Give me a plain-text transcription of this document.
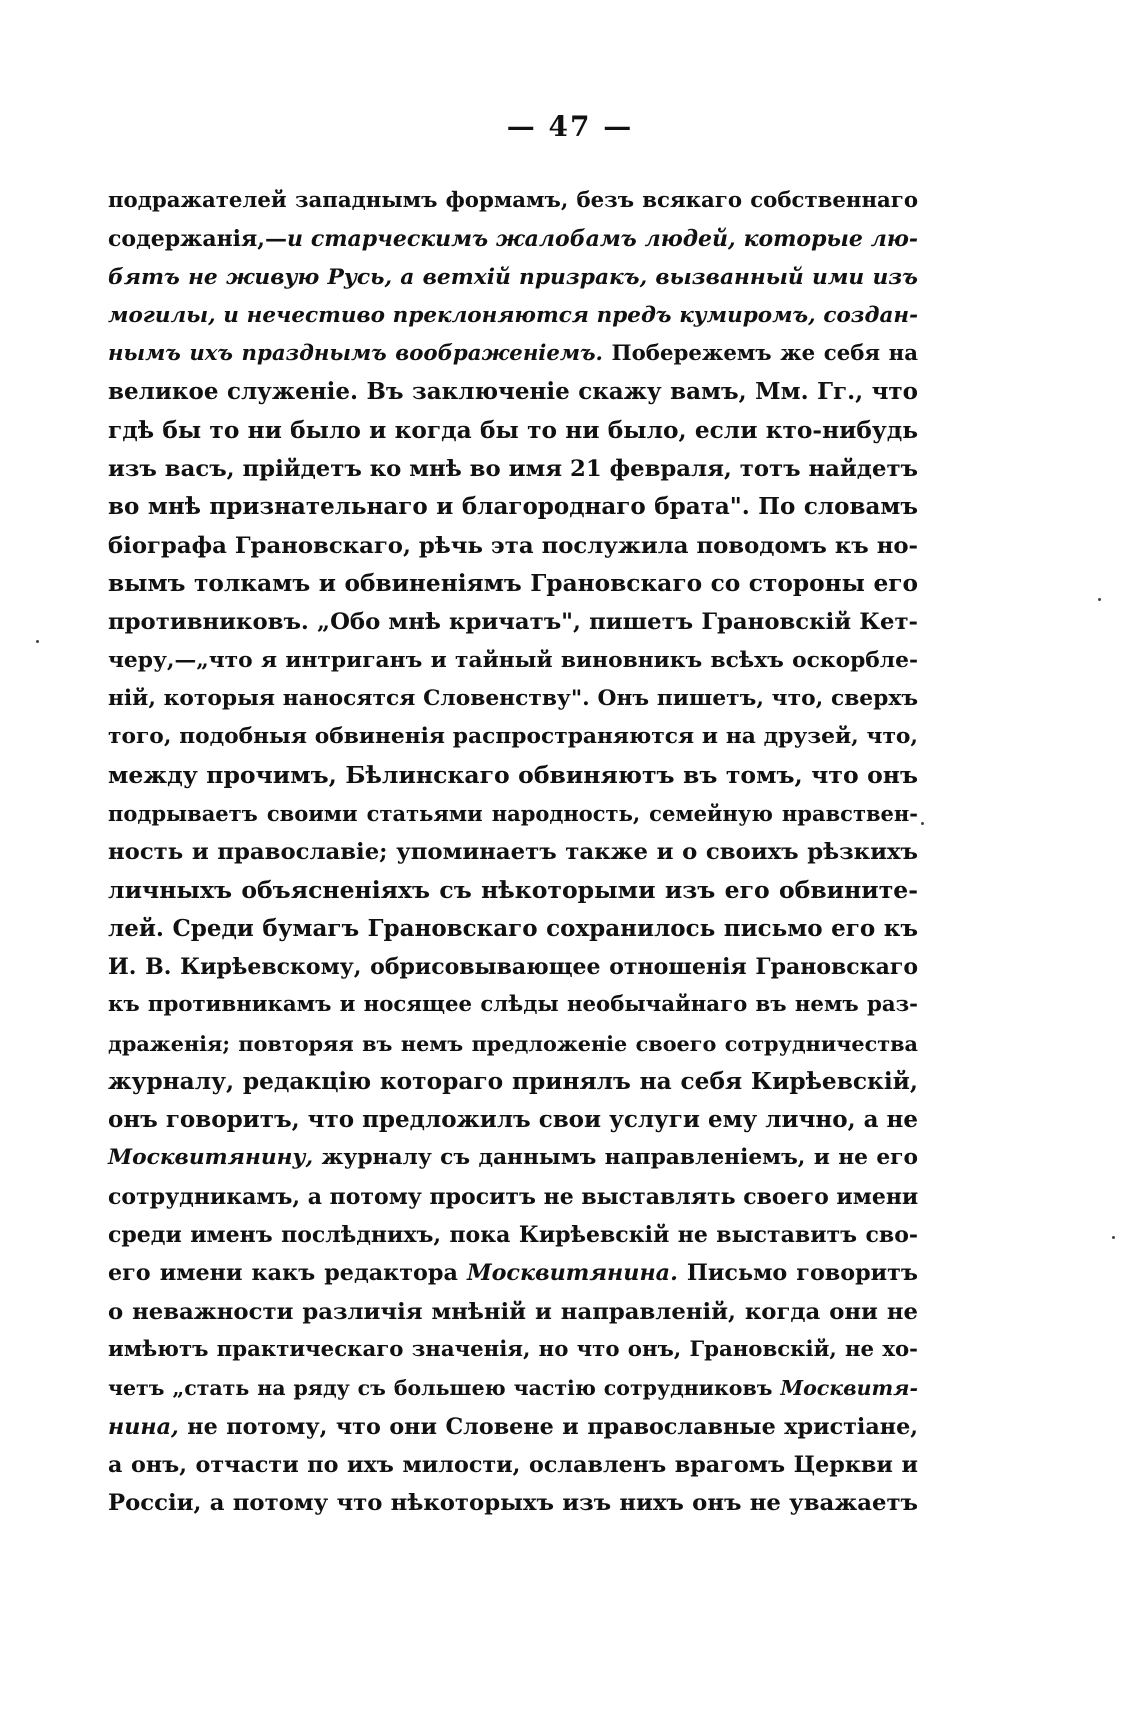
— 47 —
подражателей западнымъ формамъ, безъ всякаго собственнаго
содержанія,—и старческимъ жалобамъ людей, которые лю-
бятъ не живую Русь, а ветхій призракъ, вызванный ими изъ
могилы, и нечестиво преклоняются предъ кумиромъ, создан-
нымъ ихъ празднымъ воображеніемъ. Побережемъ же себя на
великое служеніе. Въ заключеніе скажу вамъ, Мм. Гг., что
гдѣ бы то ни было и когда бы то ни было, если кто-нибудь
изъ васъ, прійдетъ ко мнѣ во имя 21 февраля, тотъ найдетъ
во мнѣ признательнаго и благороднаго брата". По словамъ
біографа Грановскаго, рѣчь эта послужила поводомъ къ но-
вымъ толкамъ и обвиненіямъ Грановскаго со стороны его
противниковъ. „Обо мнѣ кричатъ", пишетъ Грановскій Кет-
черу,—„что я интриганъ и тайный виновникъ всѣхъ оскорбле-
ній, которыя наносятся Словенству". Онъ пишетъ, что, сверхъ
того, подобныя обвиненія распространяются и на друзей, что,
между прочимъ, Бѣлинскаго обвиняютъ въ томъ, что онъ
подрываетъ своими статьями народность, семейную нравствен-
ность и православіе; упоминаетъ также и о своихъ рѣзкихъ
личныхъ объясненіяхъ съ нѣкоторыми изъ его обвините-
лей. Среди бумагъ Грановскаго сохранилось письмо его къ
И. В. Кирѣевскому, обрисовывающее отношенія Грановскаго
къ противникамъ и носящее слѣды необычайнаго въ немъ раз-
драженія; повторяя въ немъ предложеніе своего сотрудничества
журналу, редакцію котораго принялъ на себя Кирѣевскій,
онъ говоритъ, что предложилъ свои услуги ему лично, а не
Москвитянину, журналу съ даннымъ направленіемъ, и не его
сотрудникамъ, а потому проситъ не выставлять своего имени
среди именъ послѣднихъ, пока Кирѣевскій не выставитъ сво-
его имени какъ редактора Москвитянина. Письмо говоритъ
о неважности различія мнѣній и направленій, когда они не
имѣютъ практическаго значенія, но что онъ, Грановскій, не хо-
четъ „стать на ряду съ большею частію сотрудниковъ Москвитя-
нина, не потому, что они Словене и православные христіане,
а онъ, отчасти по ихъ милости, ославленъ врагомъ Церкви и
Россіи, а потому что нѣкоторыхъ изъ нихъ онъ не уважаетъ
